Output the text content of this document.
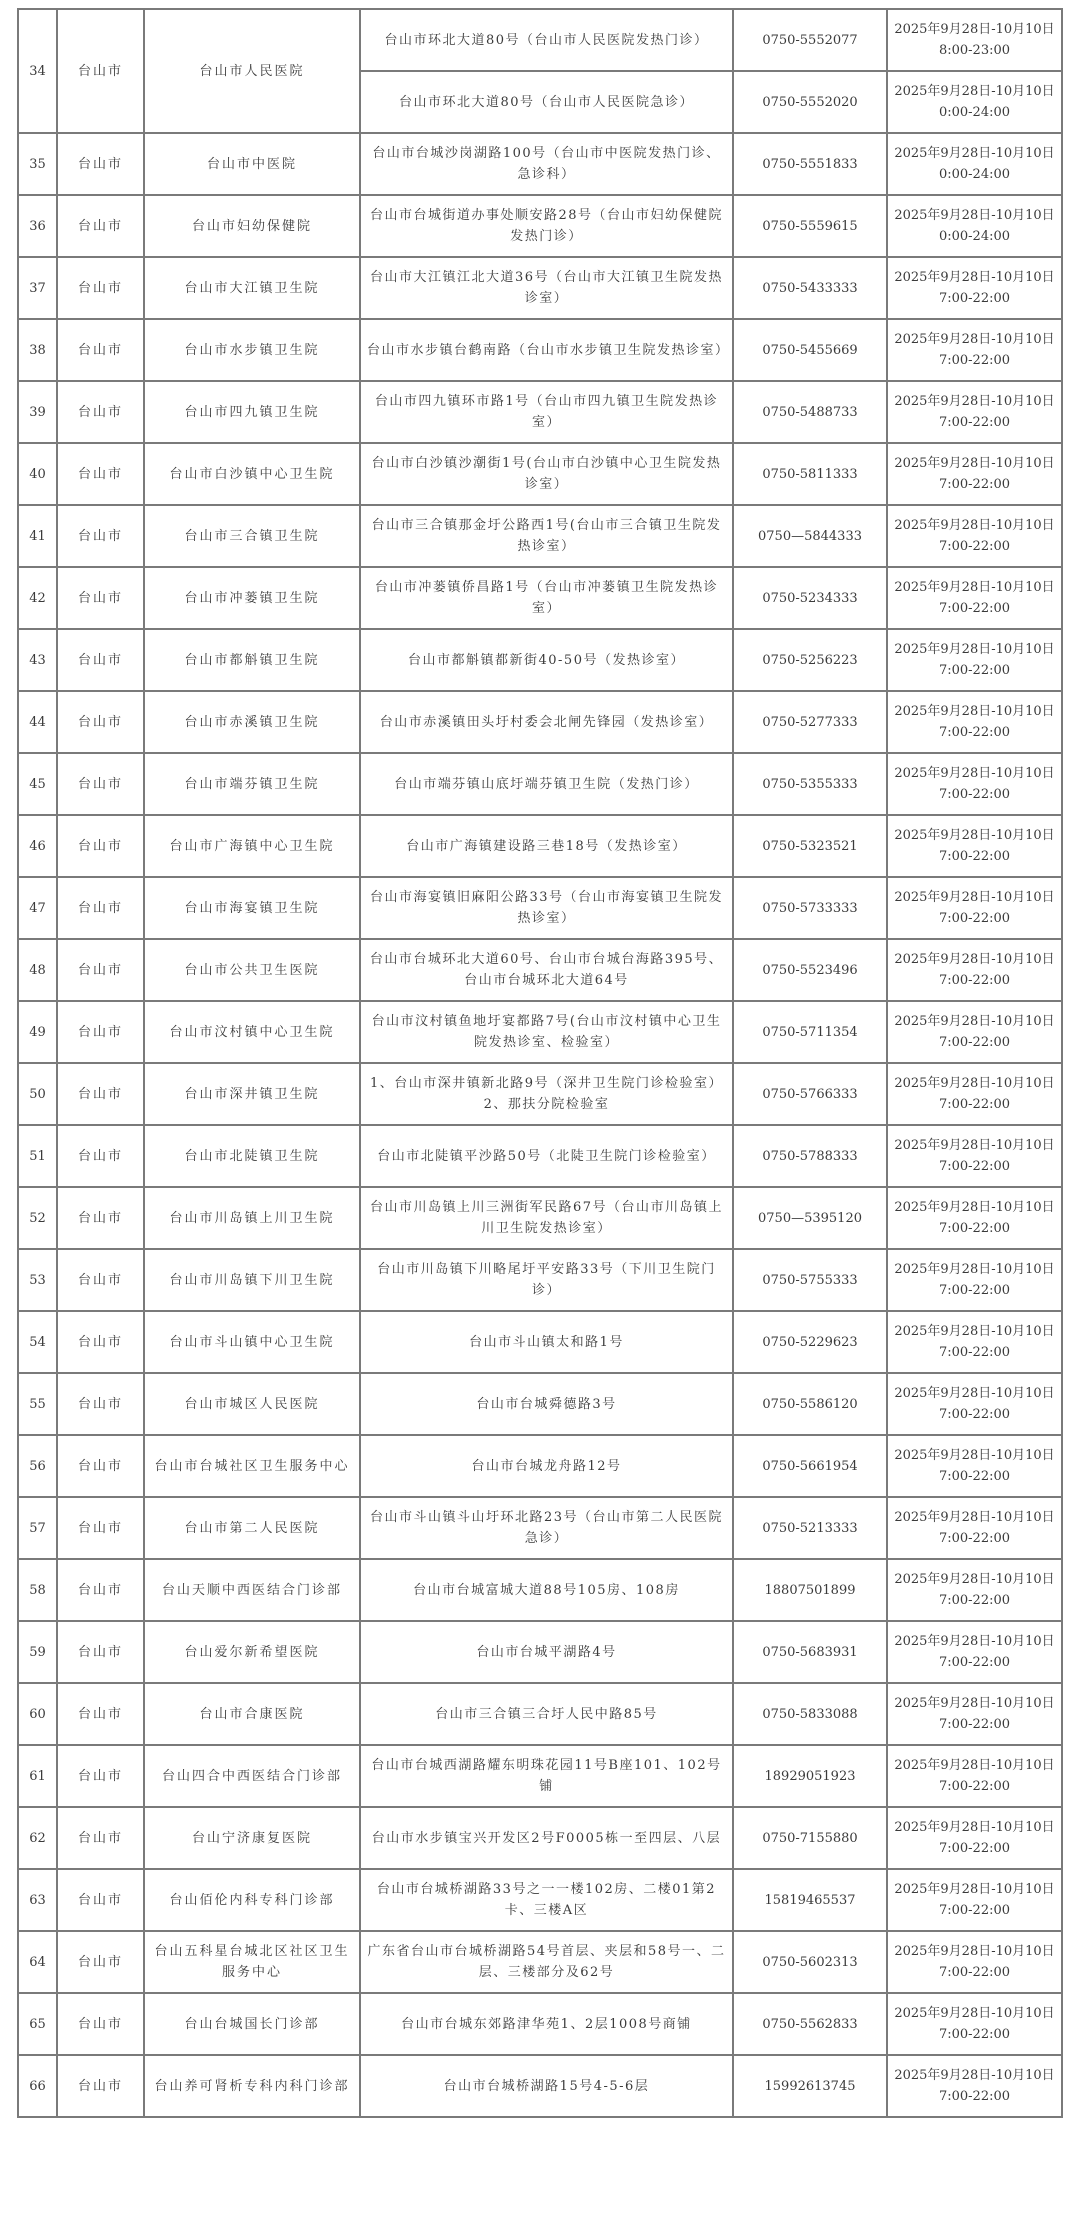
34	台山市	台山市人民医院	台山市环北大道80号（台山市人民医院发热门诊）	0750-5552077	2025年9月28日-10月10日
8:00-23:00

			台山市环北大道80号（台山市人民医院急诊）	0750-5552020	2025年9月28日-10月10日
0:00-24:00

35	台山市	台山市中医院	台山市台城沙岗湖路100号（台山市中医院发热门诊、急诊科）	0750-5551833	2025年9月28日-10月10日
0:00-24:00

36	台山市	台山市妇幼保健院	台山市台城街道办事处顺安路28号（台山市妇幼保健院发热门诊）	0750-5559615	2025年9月28日-10月10日
0:00-24:00

37	台山市	台山市大江镇卫生院	台山市大江镇江北大道36号（台山市大江镇卫生院发热诊室）	0750-5433333	2025年9月28日-10月10日
7:00-22:00

38	台山市	台山市水步镇卫生院	台山市水步镇台鹤南路（台山市水步镇卫生院发热诊室）	0750-5455669	2025年9月28日-10月10日
7:00-22:00

39	台山市	台山市四九镇卫生院	台山市四九镇环市路1号（台山市四九镇卫生院发热诊室）	0750-5488733	2025年9月28日-10月10日
7:00-22:00

40	台山市	台山市白沙镇中心卫生院	台山市白沙镇沙潮街1号(台山市白沙镇中心卫生院发热诊室）	0750-5811333	2025年9月28日-10月10日
7:00-22:00

41	台山市	台山市三合镇卫生院	台山市三合镇那金圩公路西1号(台山市三合镇卫生院发热诊室）	0750—5844333	2025年9月28日-10月10日
7:00-22:00

42	台山市	台山市冲蒌镇卫生院	台山市冲蒌镇侨昌路1号（台山市冲蒌镇卫生院发热诊室）	0750-5234333	2025年9月28日-10月10日
7:00-22:00

43	台山市	台山市都斛镇卫生院	台山市都斛镇都新街40-50号（发热诊室）	0750-5256223	2025年9月28日-10月10日
7:00-22:00

44	台山市	台山市赤溪镇卫生院	台山市赤溪镇田头圩村委会北闸先锋园（发热诊室）	0750-5277333	2025年9月28日-10月10日
7:00-22:00

45	台山市	台山市端芬镇卫生院	台山市端芬镇山底圩端芬镇卫生院（发热门诊）	0750-5355333	2025年9月28日-10月10日
7:00-22:00

46	台山市	台山市广海镇中心卫生院	台山市广海镇建设路三巷18号（发热诊室）	0750-5323521	2025年9月28日-10月10日
7:00-22:00

47	台山市	台山市海宴镇卫生院	台山市海宴镇旧麻阳公路33号（台山市海宴镇卫生院发热诊室）	0750-5733333	2025年9月28日-10月10日
7:00-22:00

48	台山市	台山市公共卫生医院	台山市台城环北大道60号、台山市台城台海路395号、台山市台城环北大道64号	0750-5523496	2025年9月28日-10月10日
7:00-22:00

49	台山市	台山市汶村镇中心卫生院	台山市汶村镇鱼地圩宴都路7号(台山市汶村镇中心卫生院发热诊室、检验室）	0750-5711354	2025年9月28日-10月10日
7:00-22:00

50	台山市	台山市深井镇卫生院	1、台山市深井镇新北路9号（深井卫生院门诊检验室）2、那扶分院检验室	0750-5766333	2025年9月28日-10月10日
7:00-22:00

51	台山市	台山市北陡镇卫生院	台山市北陡镇平沙路50号（北陡卫生院门诊检验室）	0750-5788333	2025年9月28日-10月10日
7:00-22:00

52	台山市	台山市川岛镇上川卫生院	台山市川岛镇上川三洲街军民路67号（台山市川岛镇上川卫生院发热诊室）	0750—5395120	2025年9月28日-10月10日
7:00-22:00

53	台山市	台山市川岛镇下川卫生院	台山市川岛镇下川略尾圩平安路33号（下川卫生院门诊）	0750-5755333	2025年9月28日-10月10日
7:00-22:00

54	台山市	台山市斗山镇中心卫生院	台山市斗山镇太和路1号	0750-5229623	2025年9月28日-10月10日
7:00-22:00

55	台山市	台山市城区人民医院	台山市台城舜德路3号	0750-5586120	2025年9月28日-10月10日
7:00-22:00

56	台山市	台山市台城社区卫生服务中心	台山市台城龙舟路12号	0750-5661954	2025年9月28日-10月10日
7:00-22:00

57	台山市	台山市第二人民医院	台山市斗山镇斗山圩环北路23号（台山市第二人民医院急诊）	0750-5213333	2025年9月28日-10月10日
7:00-22:00

58	台山市	台山天顺中西医结合门诊部	台山市台城富城大道88号105房、108房	18807501899	2025年9月28日-10月10日
7:00-22:00

59	台山市	台山爱尔新希望医院	台山市台城平湖路4号	0750-5683931	2025年9月28日-10月10日
7:00-22:00

60	台山市	台山市合康医院	台山市三合镇三合圩人民中路85号	0750-5833088	2025年9月28日-10月10日
7:00-22:00

61	台山市	台山四合中西医结合门诊部	台山市台城西湖路耀东明珠花园11号B座101、102号铺	18929051923	2025年9月28日-10月10日
7:00-22:00

62	台山市	台山宁济康复医院	台山市水步镇宝兴开发区2号F0005栋一至四层、八层	0750-7155880	2025年9月28日-10月10日
7:00-22:00

63	台山市	台山佰伦内科专科门诊部	台山市台城桥湖路33号之一一楼102房、二楼01第2卡、三楼A区	15819465537	2025年9月28日-10月10日
7:00-22:00

64	台山市	台山五科星台城北区社区卫生服务中心	广东省台山市台城桥湖路54号首层、夹层和58号一、二层、三楼部分及62号	0750-5602313	2025年9月28日-10月10日
7:00-22:00

65	台山市	台山台城国长门诊部	台山市台城东郊路津华苑1、2层1008号商铺	0750-5562833	2025年9月28日-10月10日
7:00-22:00

66	台山市	台山养可肾析专科内科门诊部	台山市台城桥湖路15号4-5-6层	15992613745	2025年9月28日-10月10日
7:00-22:00
